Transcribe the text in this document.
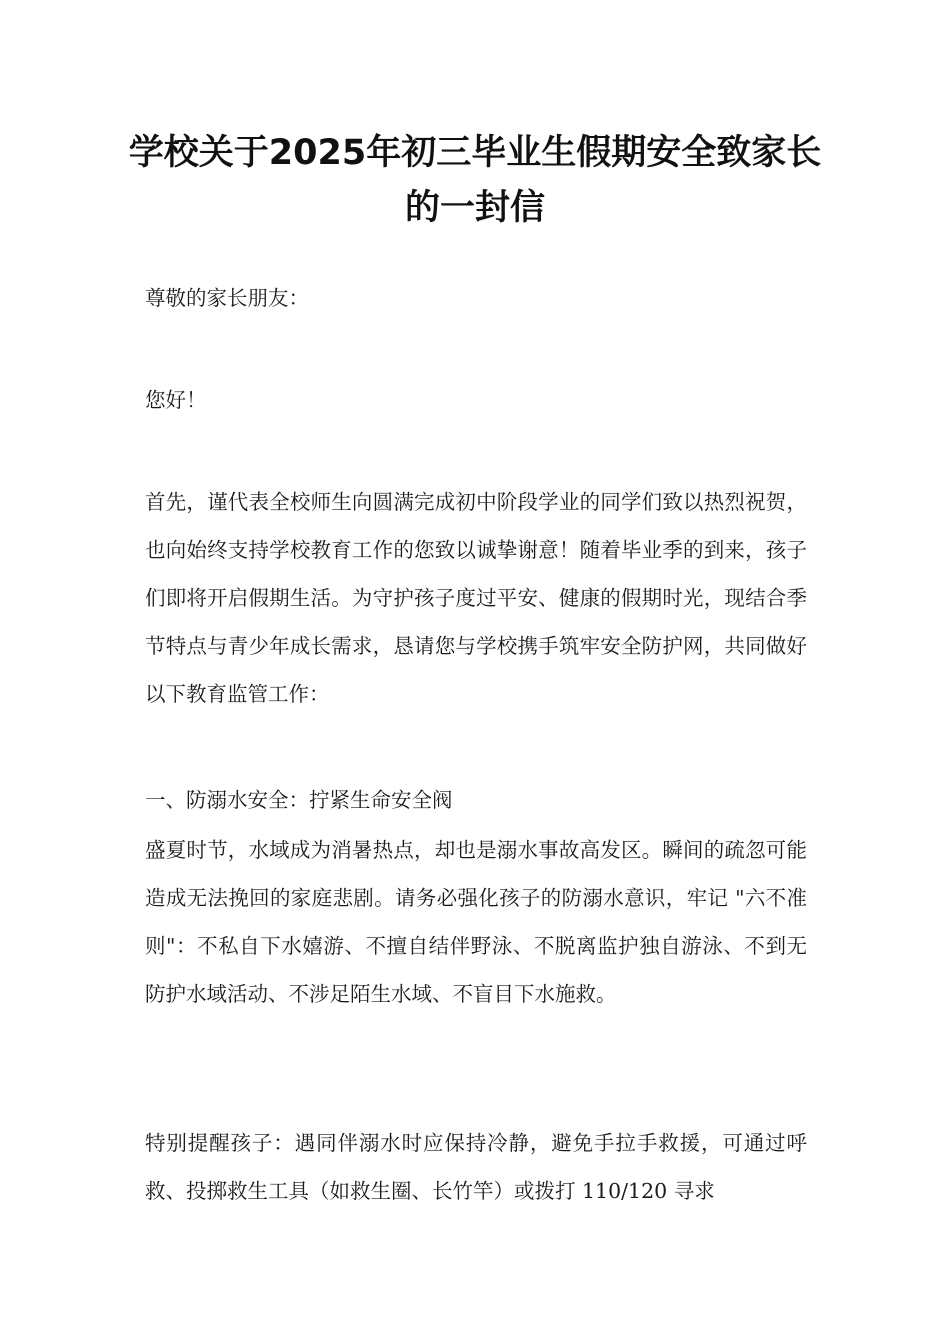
学校关于2025年初三毕业生假期安全致家长的一封信

尊敬的家长朋友：

您好！

首先，谨代表全校师生向圆满完成初中阶段学业的同学们致以热烈祝贺，也向始终支持学校教育工作的您致以诚挚谢意！随着毕业季的到来，孩子们即将开启假期生活。为守护孩子度过平安、健康的假期时光，现结合季节特点与青少年成长需求，恳请您与学校携手筑牢安全防护网，共同做好以下教育监管工作：

一、防溺水安全：拧紧生命安全阀

盛夏时节，水域成为消暑热点，却也是溺水事故高发区。瞬间的疏忽可能造成无法挽回的家庭悲剧。请务必强化孩子的防溺水意识，牢记 "六不准则"：不私自下水嬉游、不擅自结伴野泳、不脱离监护独自游泳、不到无防护水域活动、不涉足陌生水域、不盲目下水施救。

特别提醒孩子：遇同伴溺水时应保持冷静，避免手拉手救援，可通过呼救、投掷救生工具（如救生圈、长竹竿）或拨打 110/120 寻求
